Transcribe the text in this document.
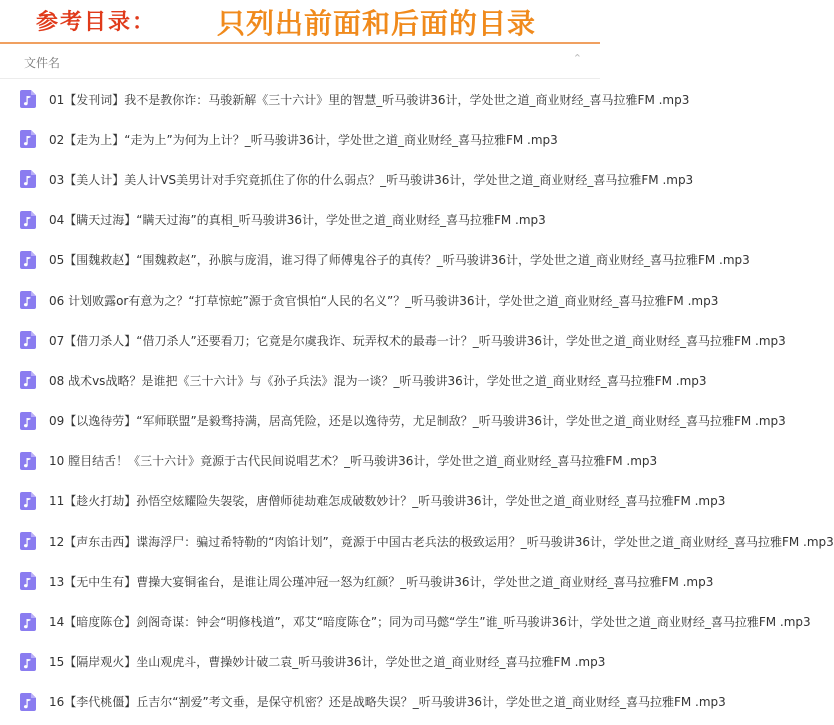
参考目录： 只列出前面和后面的目录
文件名	⌃
01【发刊词】我不是教你诈：马骏新解《三十六计》里的智慧_听马骏讲36计，学处世之道_商业财经_喜马拉雅FM .mp3
02【走为上】“走为上”为何为上计？_听马骏讲36计，学处世之道_商业财经_喜马拉雅FM .mp3
03【美人计】美人计VS美男计对手究竟抓住了你的什么弱点？_听马骏讲36计，学处世之道_商业财经_喜马拉雅FM .mp3
04【瞒天过海】“瞒天过海”的真相_听马骏讲36计，学处世之道_商业财经_喜马拉雅FM .mp3
05【围魏救赵】“围魏救赵”，孙膑与庞涓，谁习得了师傅鬼谷子的真传？_听马骏讲36计，学处世之道_商业财经_喜马拉雅FM .mp3
06 计划败露or有意为之？“打草惊蛇”源于贪官惧怕“人民的名义”？_听马骏讲36计，学处世之道_商业财经_喜马拉雅FM .mp3
07【借刀杀人】“借刀杀人”还要看刀；它竟是尔虞我诈、玩弄权术的最毒一计？_听马骏讲36计，学处世之道_商业财经_喜马拉雅FM .mp3
08 战术vs战略？是谁把《三十六计》与《孙子兵法》混为一谈？_听马骏讲36计，学处世之道_商业财经_喜马拉雅FM .mp3
09【以逸待劳】“军师联盟”是毅骛持满，居高凭险，还是以逸待劳，尤足制敌？_听马骏讲36计，学处世之道_商业财经_喜马拉雅FM .mp3
10 膛目结舌！《三十六计》竟源于古代民间说唱艺术？_听马骏讲36计，学处世之道_商业财经_喜马拉雅FM .mp3
11【趁火打劫】孙悟空炫耀险失袈裟，唐僧师徒劫难怎成破数妙计？_听马骏讲36计，学处世之道_商业财经_喜马拉雅FM .mp3
12【声东击西】谍海浮尸：骗过希特勒的“肉馅计划”，竟源于中国古老兵法的极致运用？_听马骏讲36计，学处世之道_商业财经_喜马拉雅FM .mp3
13【无中生有】曹操大宴铜雀台，是谁让周公瑾冲冠一怒为红颜？_听马骏讲36计，学处世之道_商业财经_喜马拉雅FM .mp3
14【暗度陈仓】剑阁奇谋：钟会“明修栈道”，邓艾“暗度陈仓”；同为司马懿“学生”谁_听马骏讲36计，学处世之道_商业财经_喜马拉雅FM .mp3
15【隔岸观火】坐山观虎斗，曹操妙计破二袁_听马骏讲36计，学处世之道_商业财经_喜马拉雅FM .mp3
16【李代桃僵】丘吉尔“割爱”考文垂，是保守机密？还是战略失误？_听马骏讲36计，学处世之道_商业财经_喜马拉雅FM .mp3
